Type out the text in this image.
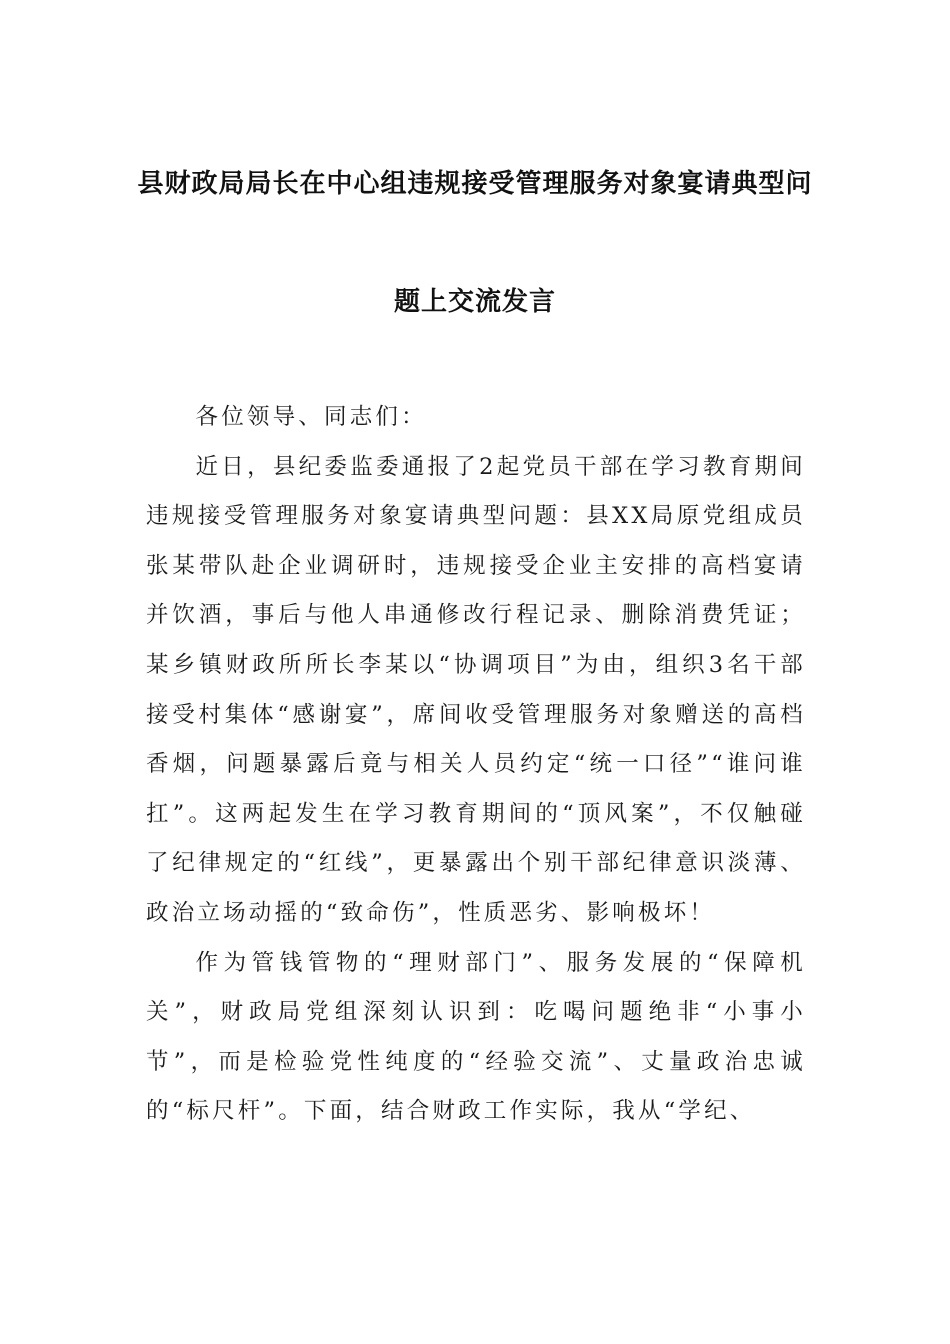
县财政局局长在中心组违规接受管理服务对象宴请典型问
题上交流发言

各位领导、同志们：

近日，县纪委监委通报了2起党员干部在学习教育期间违规接受管理服务对象宴请典型问题：县XX局原党组成员张某带队赴企业调研时，违规接受企业主安排的高档宴请并饮酒，事后与他人串通修改行程记录、删除消费凭证；某乡镇财政所所长李某以“协调项目”为由，组织3名干部接受村集体“感谢宴”，席间收受管理服务对象赠送的高档香烟，问题暴露后竟与相关人员约定“统一口径”“谁问谁扛”。这两起发生在学习教育期间的“顶风案”，不仅触碰了纪律规定的“红线”，更暴露出个别干部纪律意识淡薄、政治立场动摇的“致命伤”，性质恶劣、影响极坏！

作为管钱管物的“理财部门”、服务发展的“保障机关”，财政局党组深刻认识到：吃喝问题绝非“小事小节”，而是检验党性纯度的“经验交流”、丈量政治忠诚的“标尺杆”。下面，结合财政工作实际，我从“学纪、
